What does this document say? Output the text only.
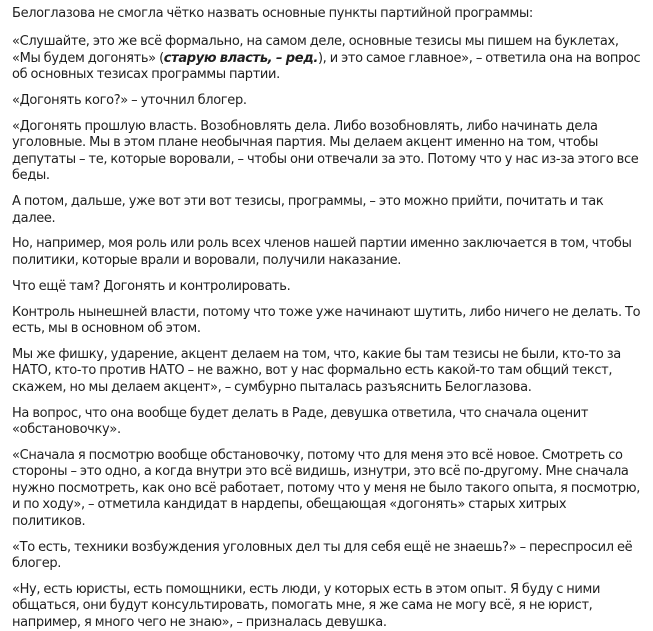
Белоглазова не смогла чётко назвать основные пункты партийной программы:

«Слушайте, это же всё формально, на самом деле, основные тезисы мы пишем на буклетах, «Мы будем догонять» (старую власть, – ред.), и это самое главное», – ответила она на вопрос об основных тезисах программы партии.

«Догонять кого?» – уточнил блогер.

«Догонять прошлую власть. Возобновлять дела. Либо возобновлять, либо начинать дела уголовные. Мы в этом плане необычная партия. Мы делаем акцент именно на том, чтобы депутаты – те, которые воровали, – чтобы они отвечали за это. Потому что у нас из-за этого все беды.

А потом, дальше, уже вот эти вот тезисы, программы, – это можно прийти, почитать и так далее.

Но, например, моя роль или роль всех членов нашей партии именно заключается в том, чтобы политики, которые врали и воровали, получили наказание.

Что ещё там? Догонять и контролировать.

Контроль нынешней власти, потому что тоже уже начинают шутить, либо ничего не делать. То есть, мы в основном об этом.

Мы же фишку, ударение, акцент делаем на том, что, какие бы там тезисы не были, кто-то за НАТО, кто-то против НАТО – не важно, вот у нас формально есть какой-то там общий текст, скажем, но мы делаем акцент», – сумбурно пыталась разъяснить Белоглазова.

На вопрос, что она вообще будет делать в Раде, девушка ответила, что сначала оценит «обстановочку».

«Сначала я посмотрю вообще обстановочку, потому что для меня это всё новое. Смотреть со стороны – это одно, а когда внутри это всё видишь, изнутри, это всё по-другому. Мне сначала нужно посмотреть, как оно всё работает, потому что у меня не было такого опыта, я посмотрю, и по ходу», – отметила кандидат в нардепы, обещающая «догонять» старых хитрых политиков.

«То есть, техники возбуждения уголовных дел ты для себя ещё не знаешь?» – переспросил её блогер.

«Ну, есть юристы, есть помощники, есть люди, у которых есть в этом опыт. Я буду с ними общаться, они будут консультировать, помогать мне, я же сама не могу всё, я не юрист, например, я много чего не знаю», – призналась девушка.
